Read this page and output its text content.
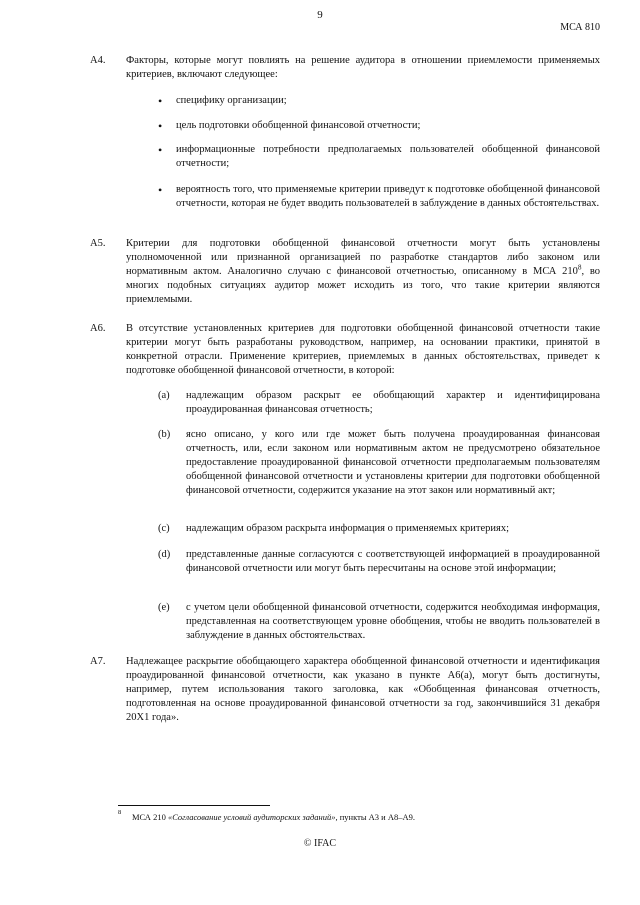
9
МСА 810
A4. Факторы, которые могут повлиять на решение аудитора в отношении приемлемости применяемых критериев, включают следующее:
• специфику организации;
• цель подготовки обобщенной финансовой отчетности;
• информационные потребности предполагаемых пользователей обобщенной финансовой отчетности;
• вероятность того, что применяемые критерии приведут к подготовке обобщенной финансовой отчетности, которая не будет вводить пользователей в заблуждение в данных обстоятельствах.
A5. Критерии для подготовки обобщенной финансовой отчетности могут быть установлены уполномоченной или признанной организацией по разработке стандартов либо законом или нормативным актом. Аналогично случаю с финансовой отчетностью, описанному в МСА $210^8$, во многих подобных ситуациях аудитор может исходить из того, что такие критерии являются приемлемыми.
A6. В отсутствие установленных критериев для подготовки обобщенной финансовой отчетности такие критерии могут быть разработаны руководством, например, на основании практики, принятой в конкретной отрасли. Применение критериев, приемлемых в данных обстоятельствах, приведет к подготовке обобщенной финансовой отчетности, в которой:
(a) надлежащим образом раскрыт ее обобщающий характер и идентифицирована проаудированная финансовая отчетность;
(b) ясно описано, у кого или где может быть получена проаудированная финансовая отчетность, или, если законом или нормативным актом не предусмотрено обязательное предоставление проаудированной финансовой отчетности предполагаемым пользователям обобщенной финансовой отчетности и установлены критерии для подготовки обобщенной финансовой отчетности, содержится указание на этот закон или нормативный акт;
(c) надлежащим образом раскрыта информация о применяемых критериях;
(d) представленные данные согласуются с соответствующей информацией в проаудированной финансовой отчетности или могут быть пересчитаны на основе этой информации;
(e) с учетом цели обобщенной финансовой отчетности, содержится необходимая информация, представленная на соответствующем уровне обобщения, чтобы не вводить пользователей в заблуждение в данных обстоятельствах.
A7. Надлежащее раскрытие обобщающего характера обобщенной финансовой отчетности и идентификация проаудированной финансовой отчетности, как указано в пункте A6(a), могут быть достигнуты, например, путем использования такого заголовка, как «Обобщенная финансовая отчетность, подготовленная на основе проаудированной финансовой отчетности за год, закончившийся 31 декабря 20X1 года».
8 МСА 210 «Согласование условий аудиторских заданий», пункты A3 и A8–A9.
© IFAC
